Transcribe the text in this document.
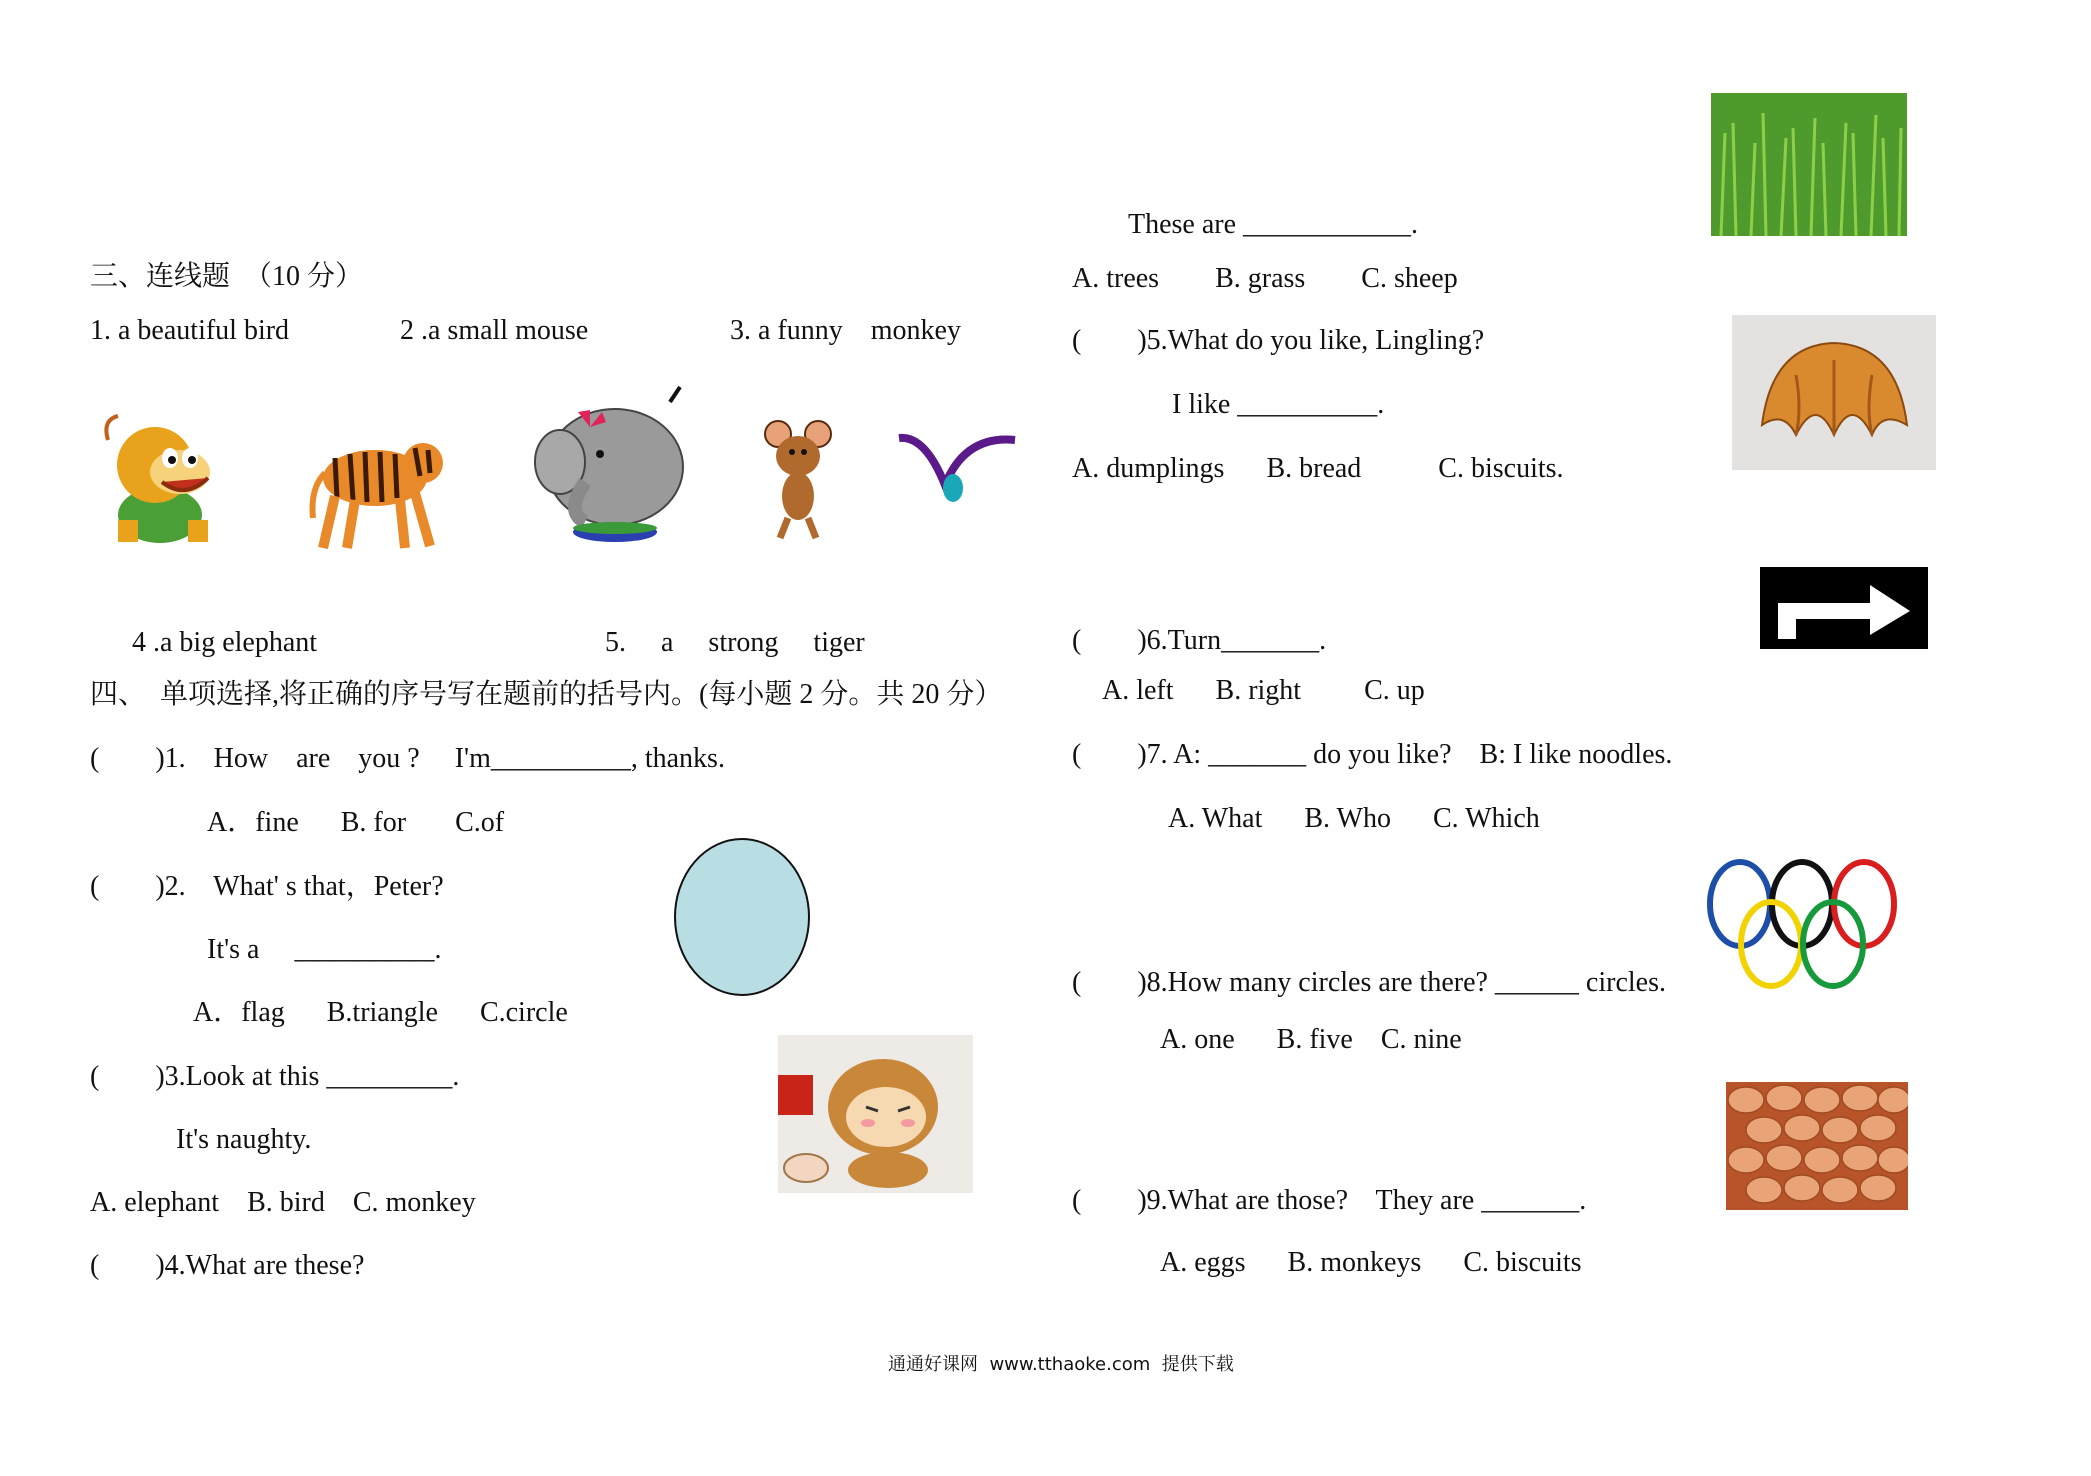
三、连线题  （10 分）
1. a beautiful bird	2 .a small mouse	3. a funny    monkey
4 .a big elephant	5.     a     strong     tiger
四、  单项选择,将正确的序号写在题前的括号内。(每小题 2 分。共 20 分）
(        )1.    How    are    you ?     I'm__________, thanks.
A．fine      B. for       C.of
(        )2.    What' s that，Peter?
It's a     __________.
A．flag      B.triangle      C.circle
(        )3.Look at this _________.
It's naughty.
A. elephant    B. bird    C. monkey
(        )4.What are these?
These are ____________.
A. trees        B. grass        C. sheep
(        )5.What do you like, Lingling?
I like __________.
A. dumplings      B. bread           C. biscuits.
(        )6.Turn_______.
A. left      B. right         C. up
(        )7. A: _______ do you like?    B: I like noodles.
A. What      B. Who      C. Which
(        )8.How many circles are there? ______ circles.
A. one      B. five    C. nine
(        )9.What are those?    They are _______.
A. eggs      B. monkeys      C. biscuits
通通好课网  www.tthaoke.com  提供下载
